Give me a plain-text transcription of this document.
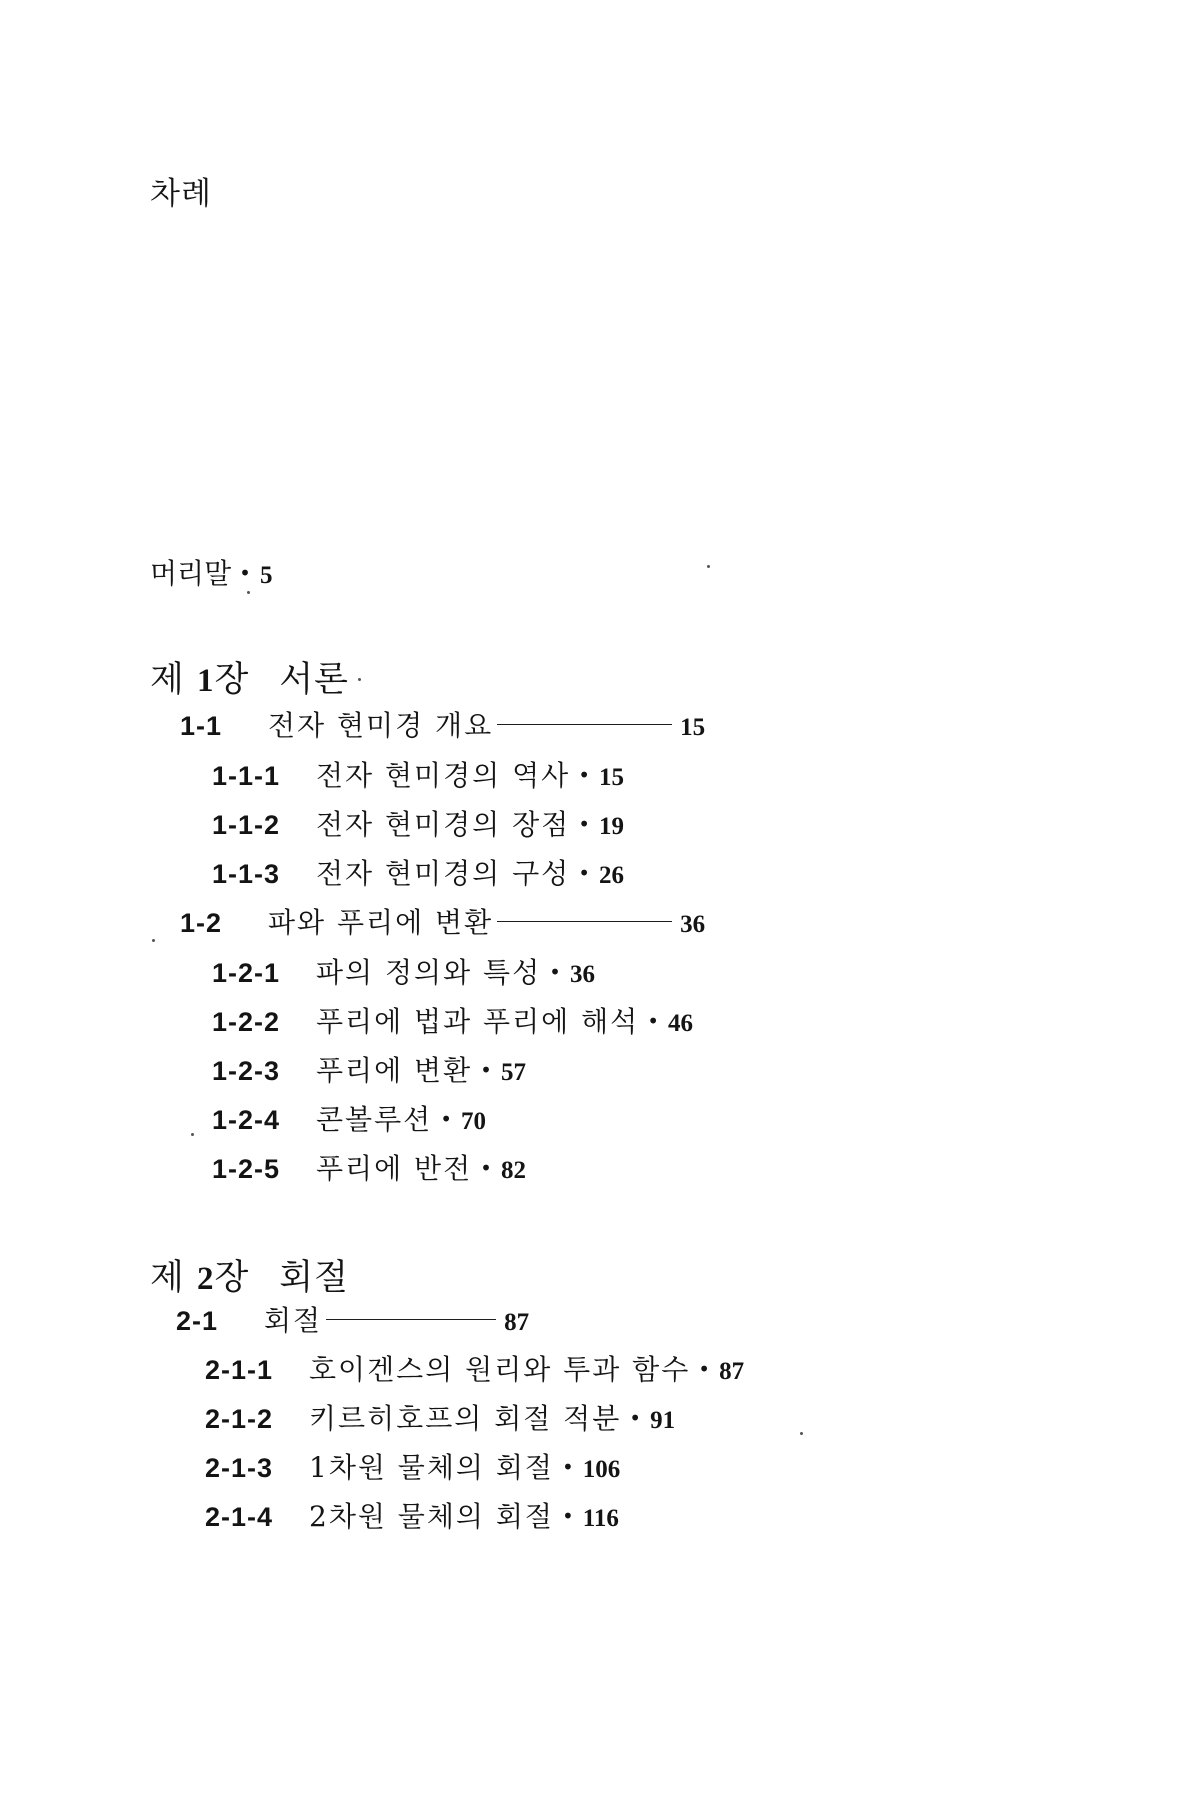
차례
머리말 • 5
제 1장 서론
1-1	전자 현미경 개요	15
1-1-1	전자 현미경의 역사 • 15
1-1-2	전자 현미경의 장점 • 19
1-1-3	전자 현미경의 구성 • 26
1-2	파와 푸리에 변환	36
1-2-1	파의 정의와 특성 • 36
1-2-2	푸리에 법과 푸리에 해석 • 46
1-2-3	푸리에 변환 • 57
1-2-4	콘볼루션 • 70
1-2-5	푸리에 반전 • 82
제 2장 회절
2-1	회절	87
2-1-1	호이겐스의 원리와 투과 함수 • 87
2-1-2	키르히호프의 회절 적분 • 91
2-1-3	1차원 물체의 회절 • 106
2-1-4	2차원 물체의 회절 • 116
